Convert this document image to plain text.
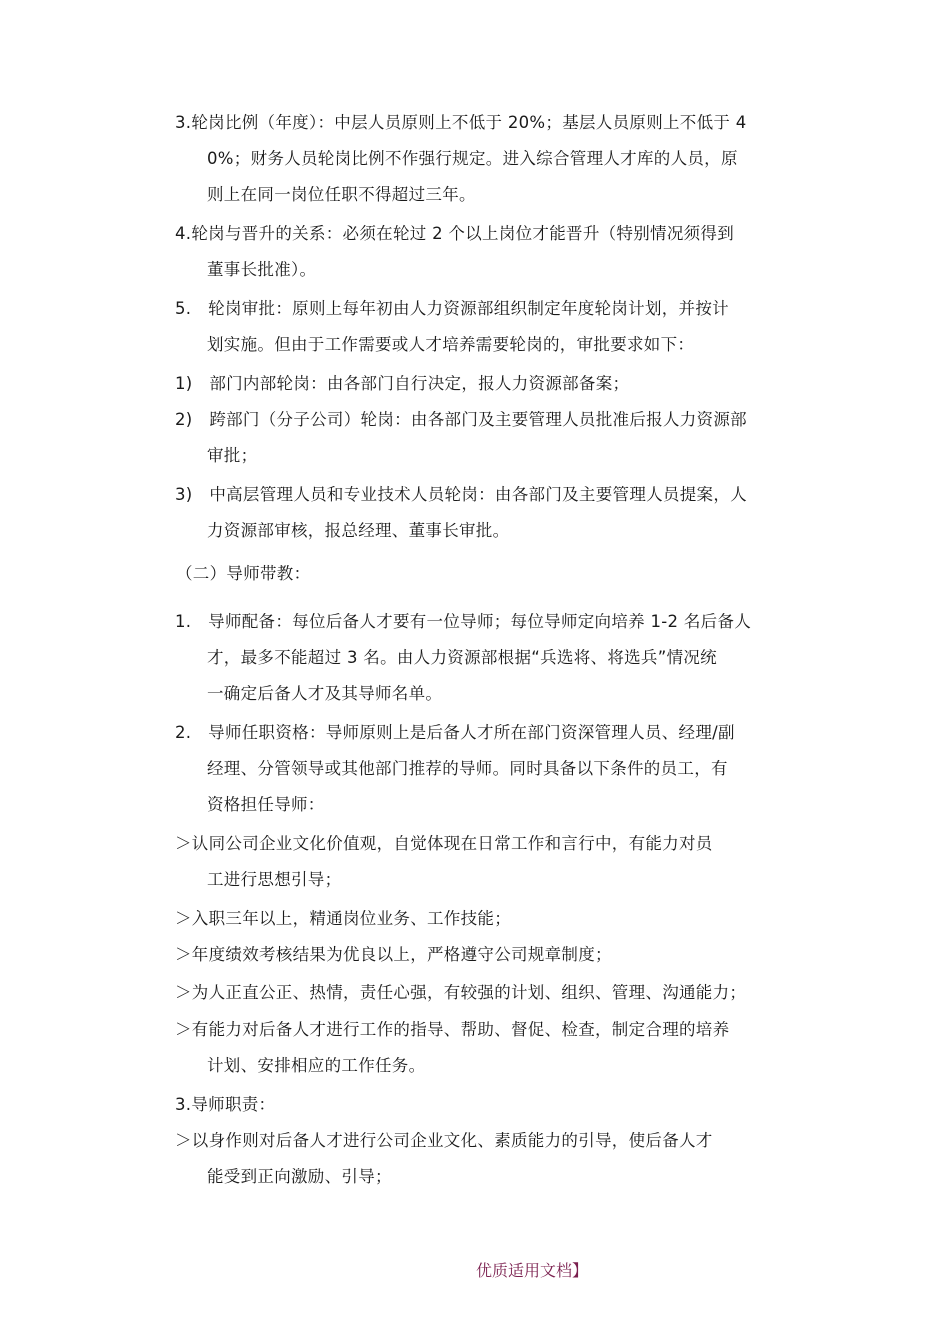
3.轮岗比例（年度）：中层人员原则上不低于 20%；基层人员原则上不低于 4
0%；财务人员轮岗比例不作强行规定。进入综合管理人才库的人员，原
则上在同一岗位任职不得超过三年。
4.轮岗与晋升的关系：必须在轮过 2 个以上岗位才能晋升（特别情况须得到
董事长批准）。
5.　轮岗审批：原则上每年初由人力资源部组织制定年度轮岗计划，并按计
划实施。但由于工作需要或人才培养需要轮岗的，审批要求如下：
1)　部门内部轮岗：由各部门自行决定，报人力资源部备案；
2)　跨部门（分子公司）轮岗：由各部门及主要管理人员批准后报人力资源部
审批；
3)　中高层管理人员和专业技术人员轮岗：由各部门及主要管理人员提案，人
力资源部审核，报总经理、董事长审批。
（二）导师带教：
1.　导师配备：每位后备人才要有一位导师；每位导师定向培养 1-2 名后备人
才，最多不能超过 3 名。由人力资源部根据“兵选将、将选兵”情况统
一确定后备人才及其导师名单。
2.　导师任职资格：导师原则上是后备人才所在部门资深管理人员、经理/副
经理、分管领导或其他部门推荐的导师。同时具备以下条件的员工，有
资格担任导师：
＞认同公司企业文化价值观，自觉体现在日常工作和言行中，有能力对员
工进行思想引导；
＞入职三年以上，精通岗位业务、工作技能；
＞年度绩效考核结果为优良以上，严格遵守公司规章制度；
＞为人正直公正、热情，责任心强，有较强的计划、组织、管理、沟通能力；
＞有能力对后备人才进行工作的指导、帮助、督促、检查，制定合理的培养
计划、安排相应的工作任务。
3.导师职责：
＞以身作则对后备人才进行公司企业文化、素质能力的引导，使后备人才
能受到正向激励、引导；
优质适用文档】
